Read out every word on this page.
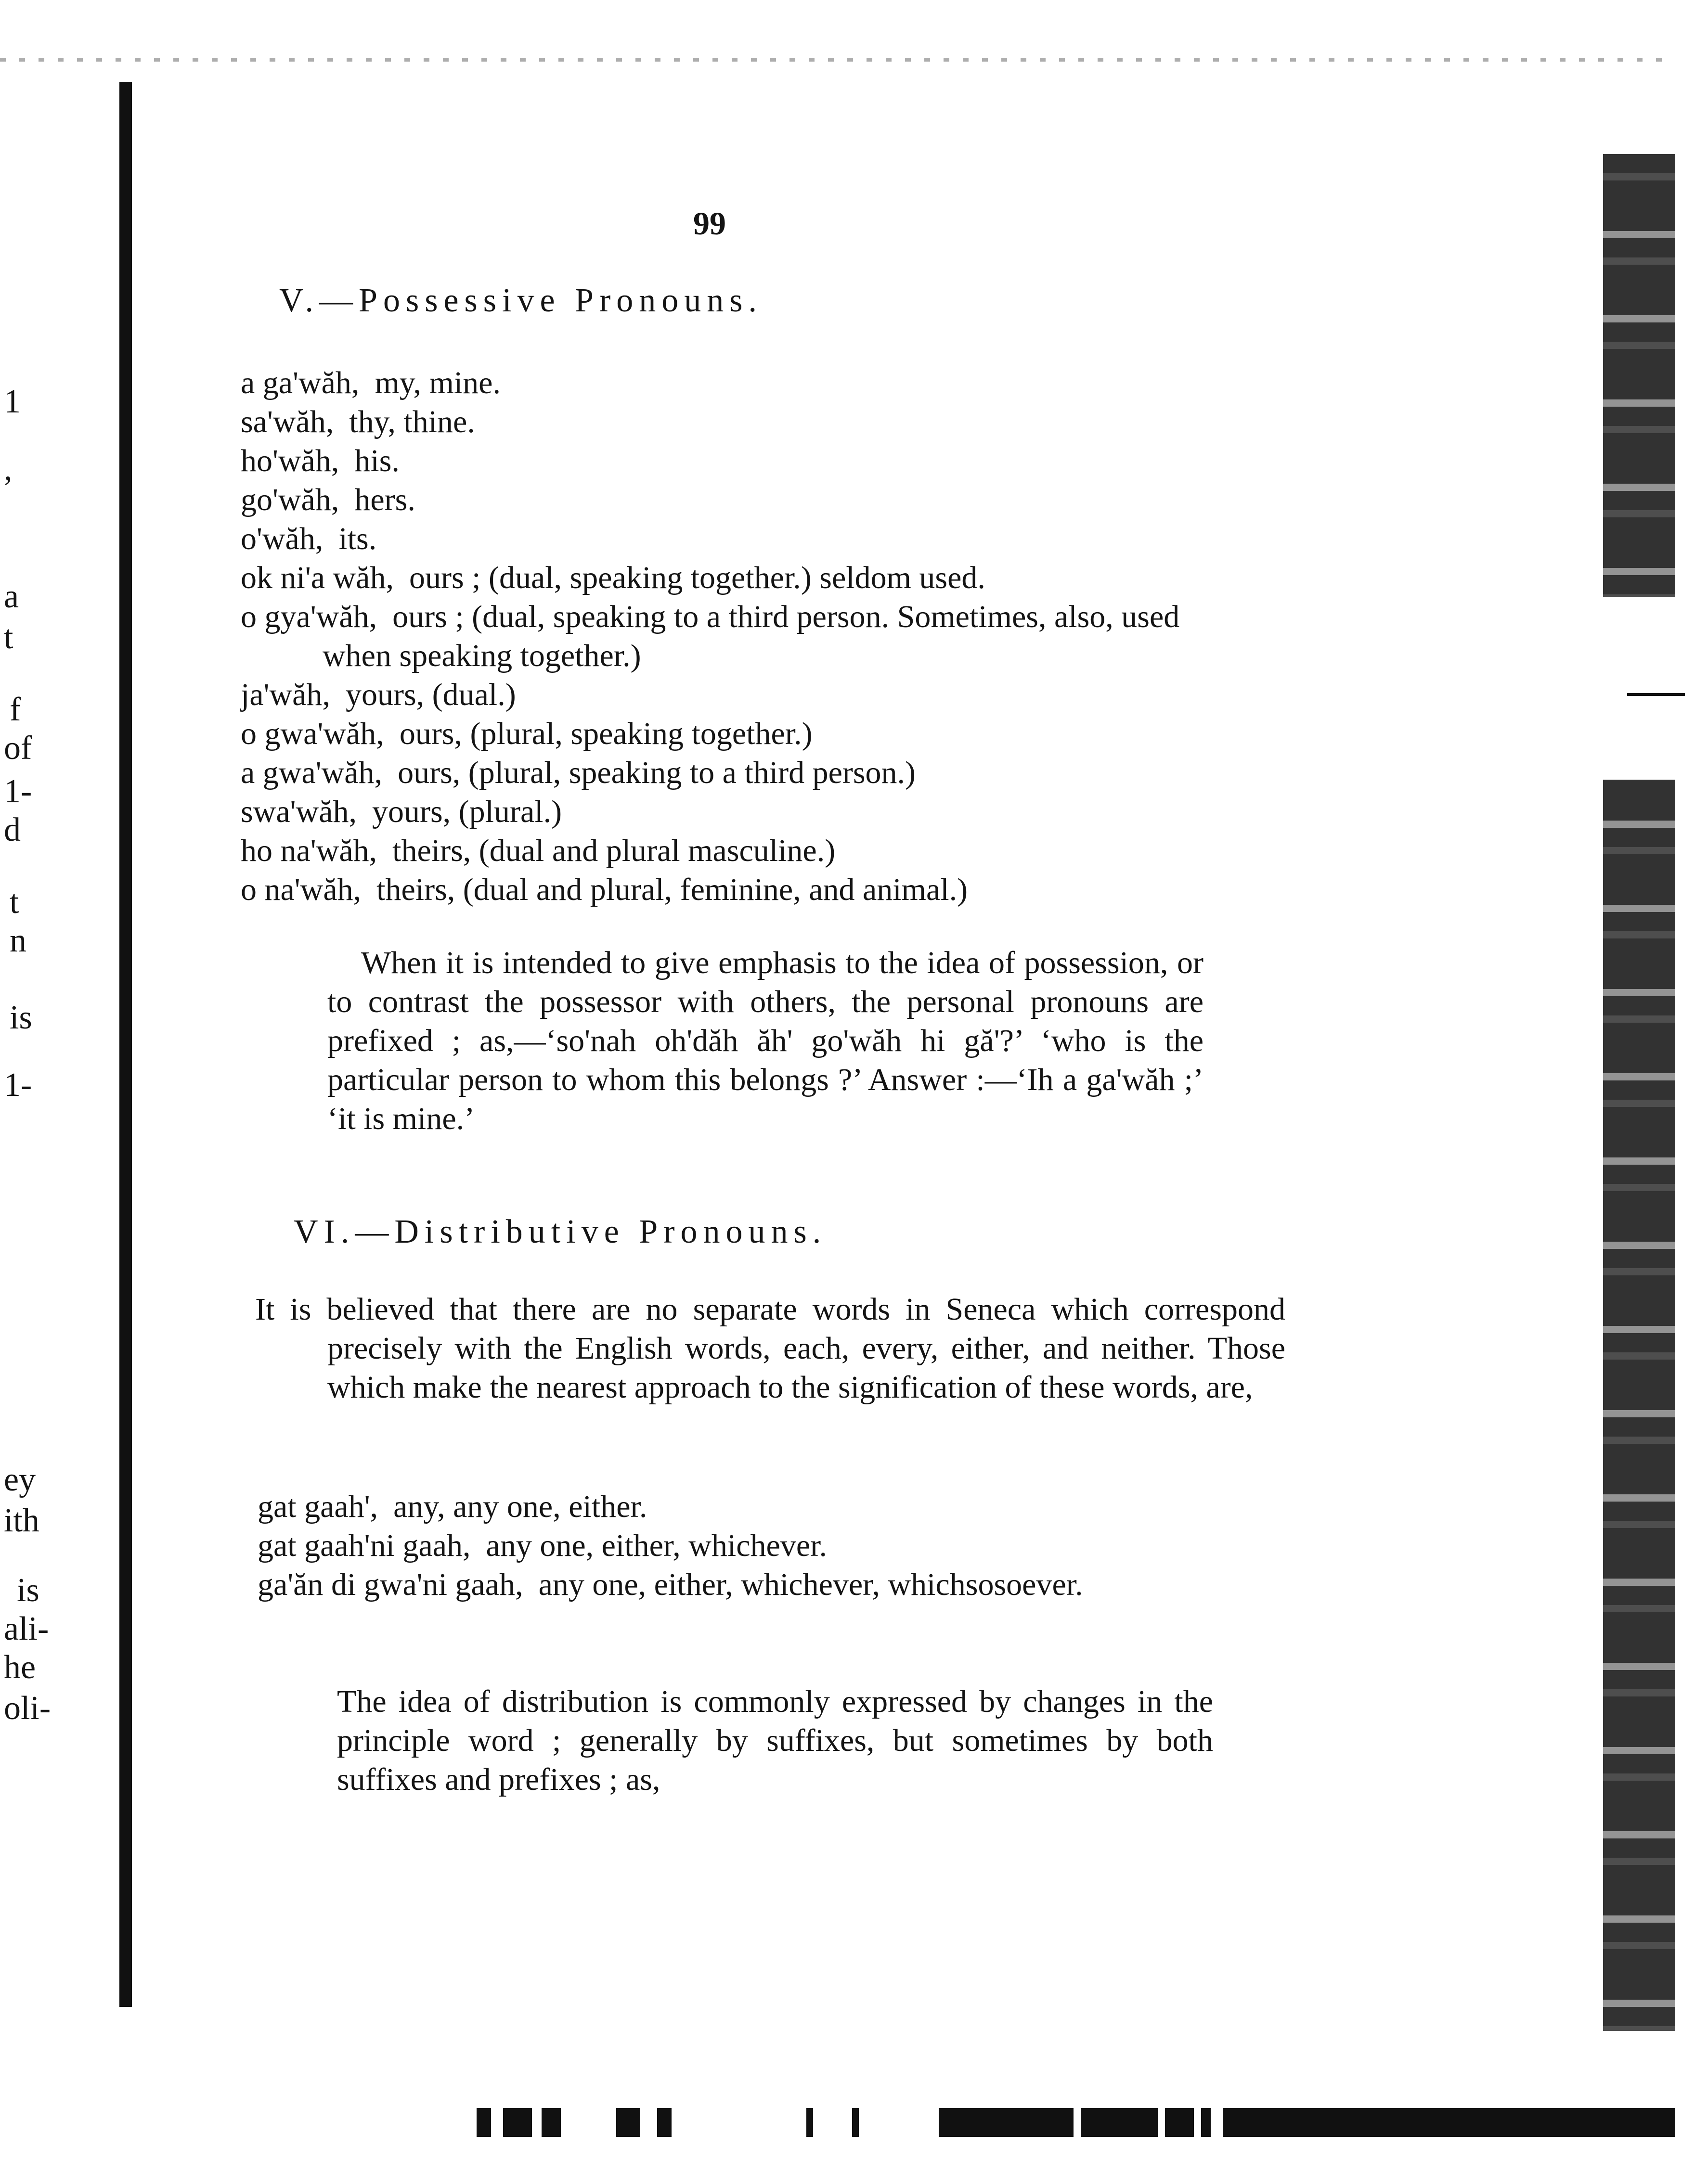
1
,
a
t
f
of
1-
d
t
n
is
1-
ey
ith
is
ali-
he
oli-
99
V.—Possessive Pronouns.
a ga'wăh, my, mine.
sa'wăh, thy, thine.
ho'wăh, his.
go'wăh, hers.
o'wăh, its.
ok ni'a wăh, ours ; (dual, speaking together.) seldom used.
o gya'wăh, ours ; (dual, speaking to a third person. Sometimes, also, used when speaking together.)
ja'wăh, yours, (dual.)
o gwa'wăh, ours, (plural, speaking together.)
a gwa'wăh, ours, (plural, speaking to a third person.)
swa'wăh, yours, (plural.)
ho na'wăh, theirs, (dual and plural masculine.)
o na'wăh, theirs, (dual and plural, feminine, and animal.)
When it is intended to give emphasis to the idea of possession, or to contrast the possessor with others, the personal pronouns are prefixed ; as,—‘so'nah oh'dăh ăh' go'wăh hi gă'?’ ‘who is the particular person to whom this belongs ?’ Answer :—‘Ih a ga'wăh ;’ ‘it is mine.’
VI.—Distributive Pronouns.
It is believed that there are no separate words in Seneca which correspond precisely with the English words, each, every, either, and neither. Those which make the nearest approach to the signification of these words, are,
gat gaah', any, any one, either.
gat gaah'ni gaah, any one, either, whichever.
ga'ăn di gwa'ni gaah, any one, either, whichever, whichsosoever.
The idea of distribution is commonly expressed by changes in the principle word ; generally by suffixes, but sometimes by both suffixes and prefixes ; as,
